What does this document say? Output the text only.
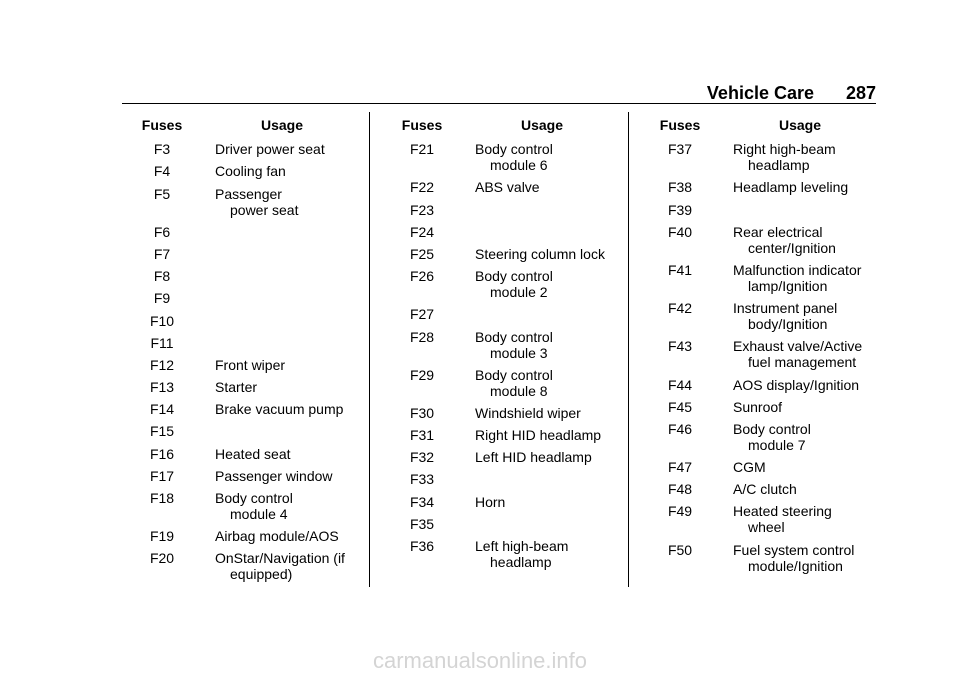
Vehicle Care 287
Fuses	Usage
F3	Driver power seat
F4	Cooling fan
F5	Passenger
power seat
F6
F7
F8
F9
F10
F11
F12	Front wiper
F13	Starter
F14	Brake vacuum pump
F15
F16	Heated seat
F17	Passenger window
F18	Body control
module 4
F19	Airbag module/AOS
F20	OnStar/Navigation (if
equipped)
Fuses	Usage
F21	Body control
module 6
F22	ABS valve
F23
F24
F25	Steering column lock
F26	Body control
module 2
F27
F28	Body control
module 3
F29	Body control
module 8
F30	Windshield wiper
F31	Right HID headlamp
F32	Left HID headlamp
F33
F34	Horn
F35
F36	Left high-beam
headlamp
Fuses	Usage
F37	Right high-beam
headlamp
F38	Headlamp leveling
F39
F40	Rear electrical
center/Ignition
F41	Malfunction indicator
lamp/Ignition
F42	Instrument panel
body/Ignition
F43	Exhaust valve/Active
fuel management
F44	AOS display/Ignition
F45	Sunroof
F46	Body control
module 7
F47	CGM
F48	A/C clutch
F49	Heated steering
wheel
F50	Fuel system control
module/Ignition
carmanualsonline.info
